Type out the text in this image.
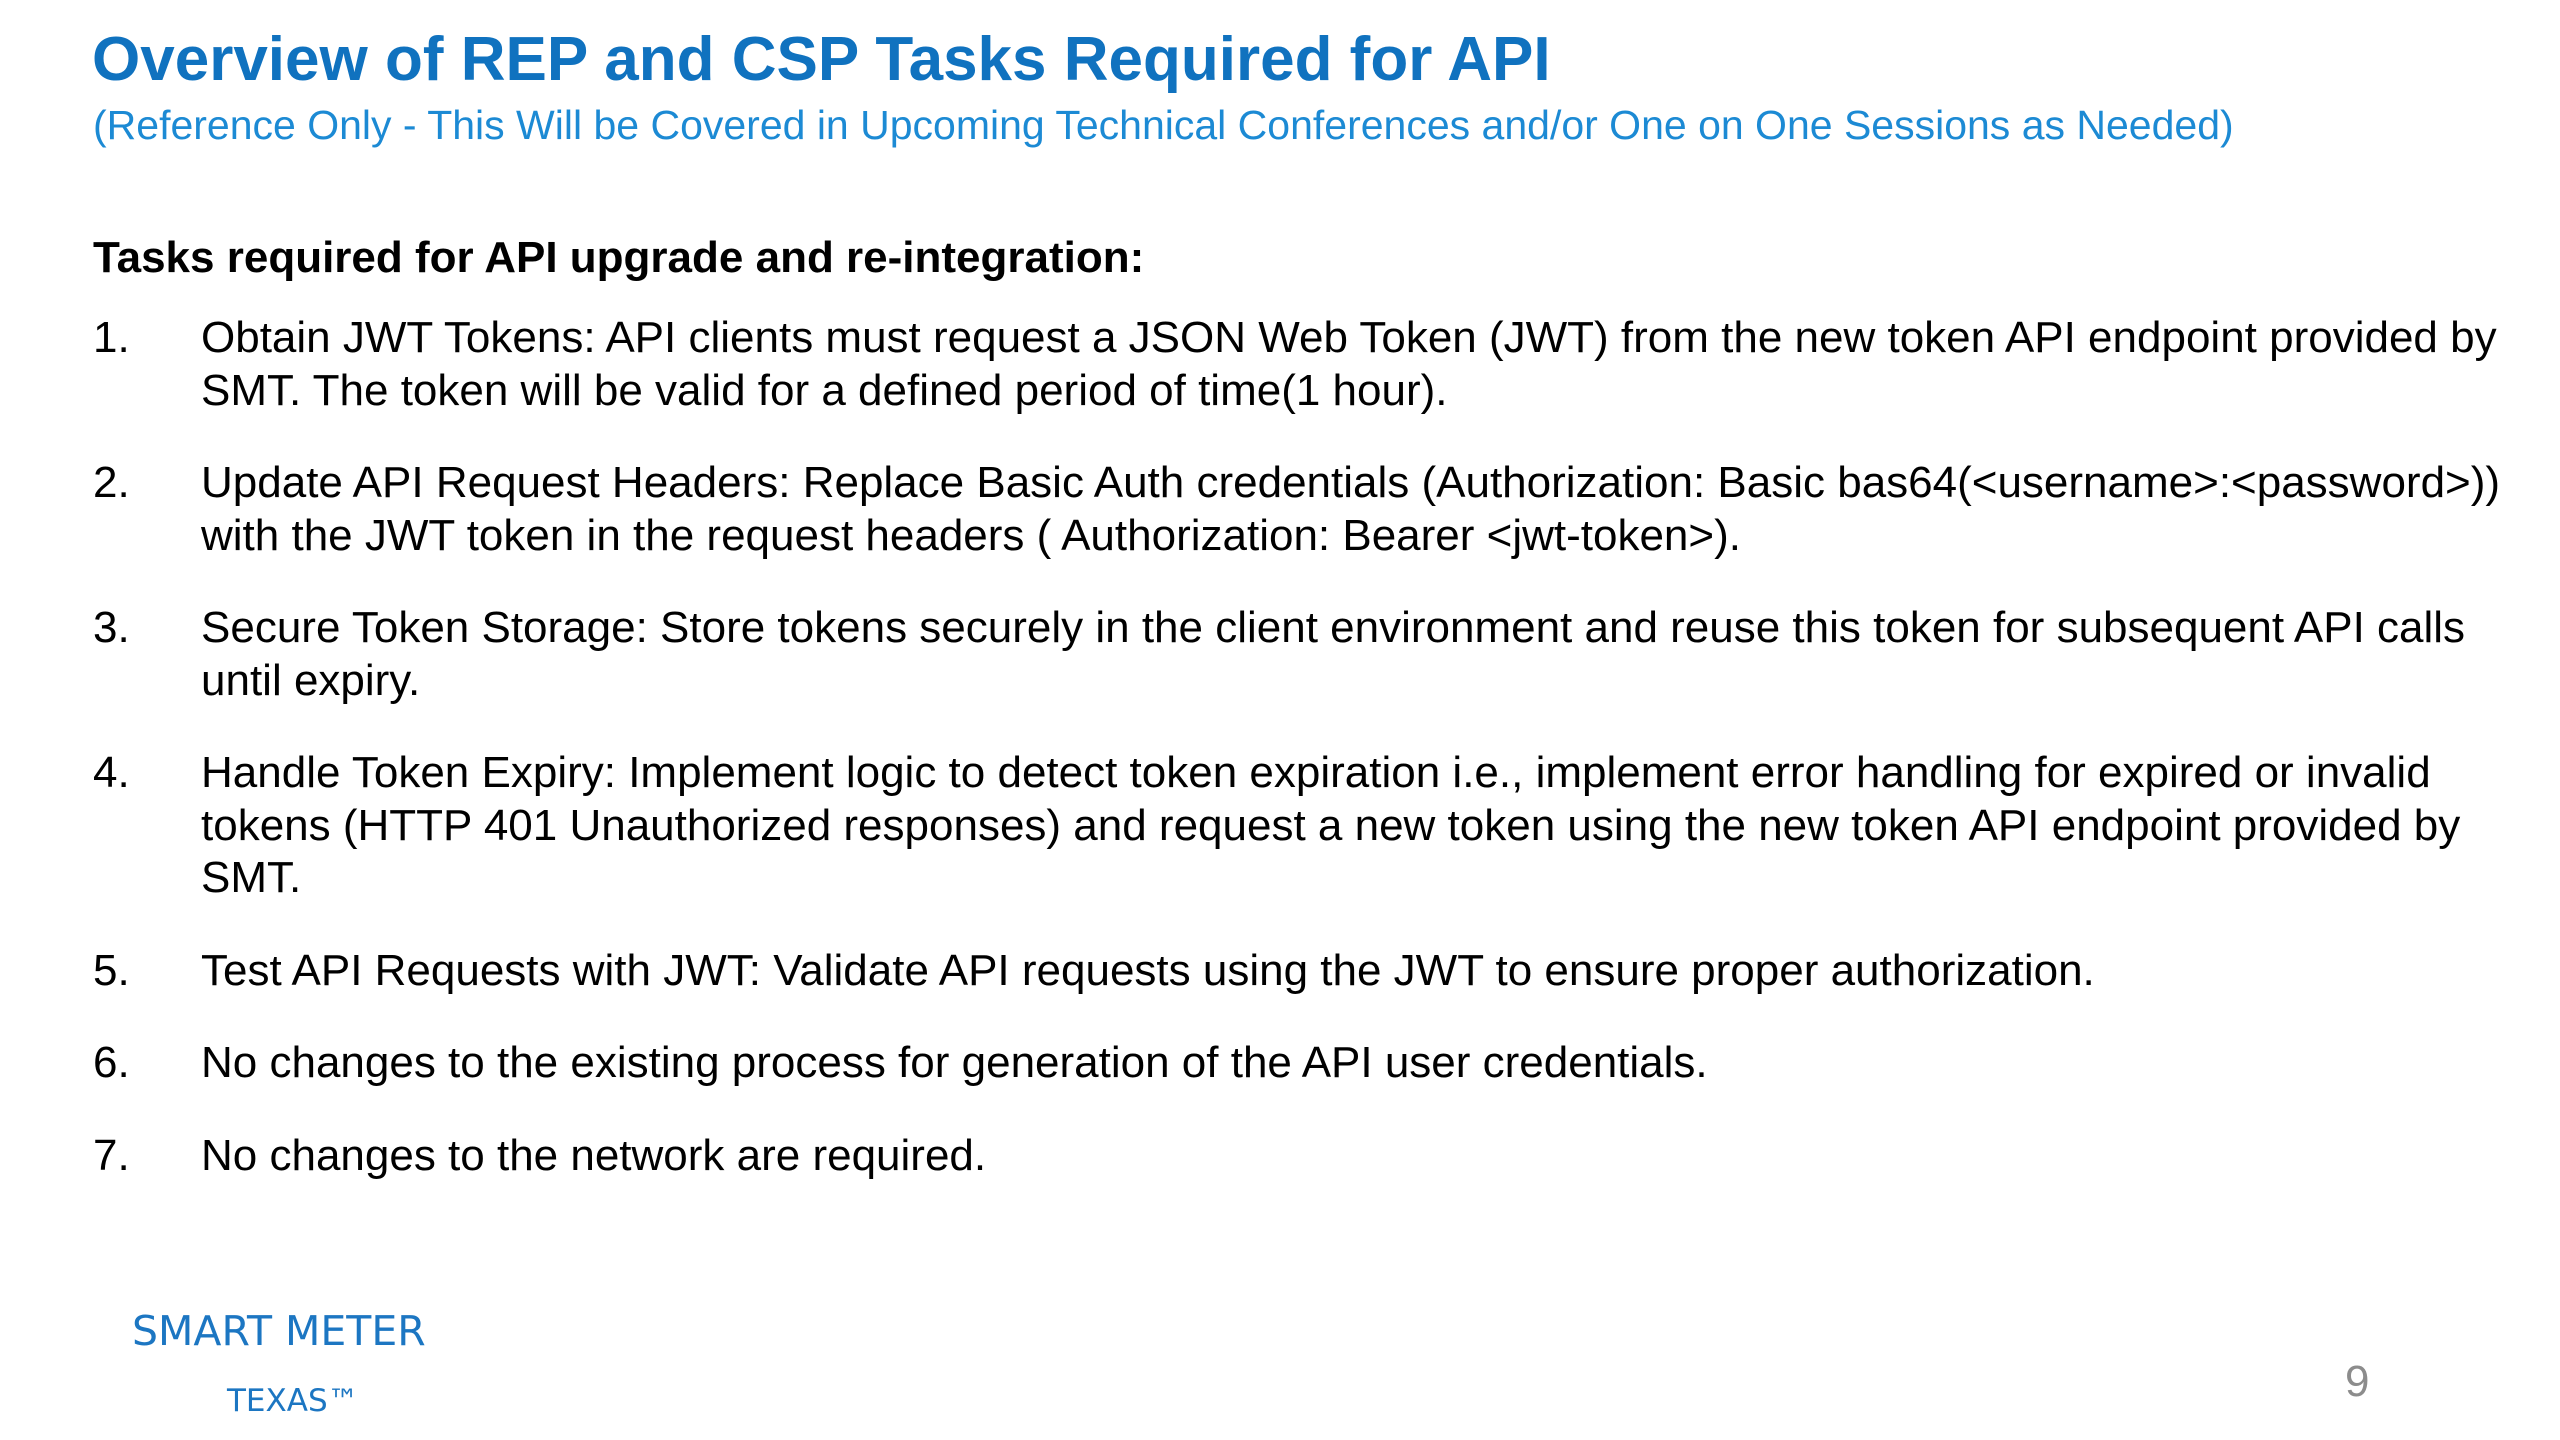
Overview of REP and CSP Tasks Required for API

(Reference Only - This Will be Covered in Upcoming Technical Conferences and/or One on One Sessions as Needed)

Tasks required for API upgrade and re-integration:

1.	Obtain JWT Tokens: API clients must request a JSON Web Token (JWT) from the new token API endpoint provided by SMT. The token will be valid for a defined period of time(1 hour).
2.	Update API Request Headers: Replace Basic Auth credentials (Authorization: Basic bas64(<username>:<password>)) with the JWT token in the request headers ( Authorization: Bearer <jwt-token>).
3.	Secure Token Storage: Store tokens securely in the client environment and reuse this token for subsequent API calls until expiry.
4.	Handle Token Expiry: Implement logic to detect token expiration i.e., implement error handling for expired or invalid tokens (HTTP 401 Unauthorized responses) and request a new token using the new token API endpoint provided by SMT.
5.	Test API Requests with JWT: Validate API requests using the JWT to ensure proper authorization.
6.	No changes to the existing process for generation of the API user credentials.
7.	No changes to the network are required.
SMART METER
TEXAS™	9
